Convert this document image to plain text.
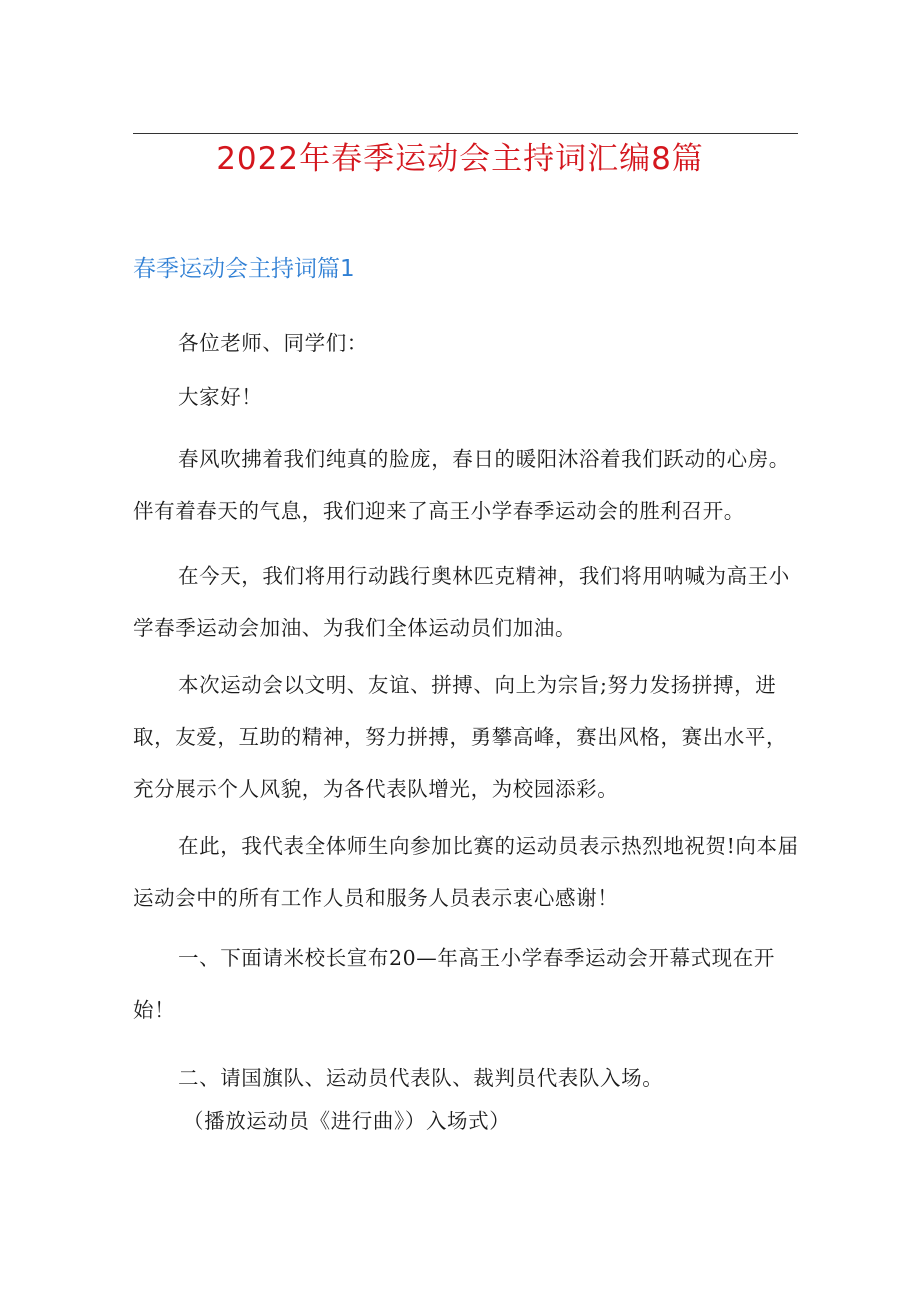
2022年春季运动会主持词汇编8篇
春季运动会主持词篇1

各位老师、同学们：

大家好！

春风吹拂着我们纯真的脸庞，春日的暖阳沐浴着我们跃动的心房。伴有着春天的气息，我们迎来了高王小学春季运动会的胜利召开。

在今天，我们将用行动践行奥林匹克精神，我们将用呐喊为高王小学春季运动会加油、为我们全体运动员们加油。

本次运动会以文明、友谊、拼搏、向上为宗旨;努力发扬拼搏，进取，友爱，互助的精神，努力拼搏，勇攀高峰，赛出风格，赛出水平，充分展示个人风貌，为各代表队增光，为校园添彩。

在此，我代表全体师生向参加比赛的运动员表示热烈地祝贺!向本届运动会中的所有工作人员和服务人员表示衷心感谢！

一、下面请米校长宣布20—年高王小学春季运动会开幕式现在开始！

二、请国旗队、运动员代表队、裁判员代表队入场。

（播放运动员《进行曲》）入场式）
